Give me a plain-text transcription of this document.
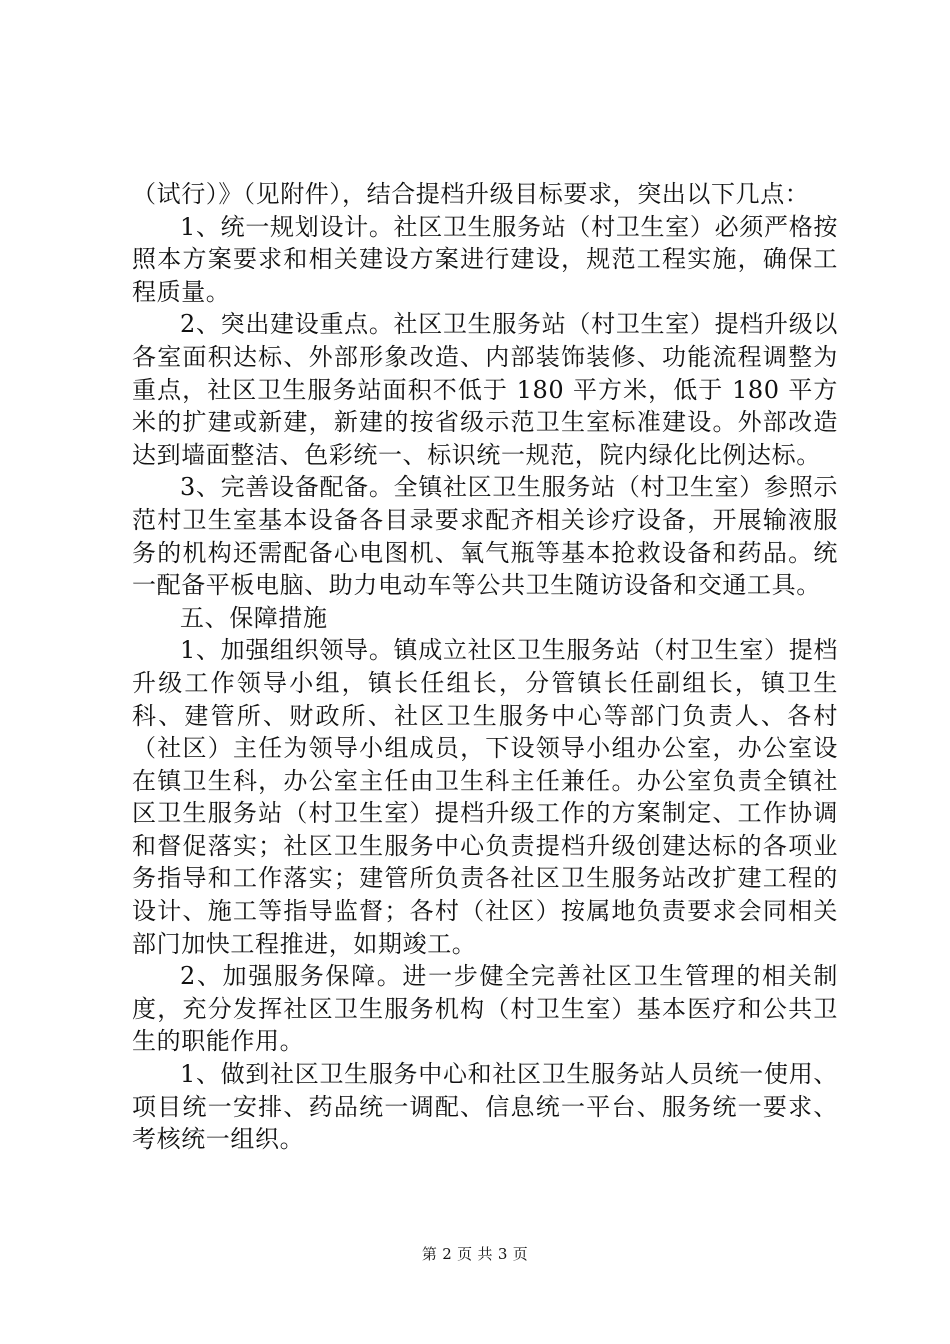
（试行）》（见附件），结合提档升级目标要求，突出以下几点：

1、统一规划设计。社区卫生服务站（村卫生室）必须严格按照本方案要求和相关建设方案进行建设，规范工程实施，确保工程质量。

2、突出建设重点。社区卫生服务站（村卫生室）提档升级以各室面积达标、外部形象改造、内部装饰装修、功能流程调整为重点，社区卫生服务站面积不低于 180 平方米，低于 180 平方米的扩建或新建，新建的按省级示范卫生室标准建设。外部改造达到墙面整洁、色彩统一、标识统一规范，院内绿化比例达标。

3、完善设备配备。全镇社区卫生服务站（村卫生室）参照示范村卫生室基本设备各目录要求配齐相关诊疗设备，开展输液服务的机构还需配备心电图机、氧气瓶等基本抢救设备和药品。统一配备平板电脑、助力电动车等公共卫生随访设备和交通工具。

五、保障措施

1、加强组织领导。镇成立社区卫生服务站（村卫生室）提档升级工作领导小组，镇长任组长，分管镇长任副组长，镇卫生科、建管所、财政所、社区卫生服务中心等部门负责人、各村（社区）主任为领导小组成员，下设领导小组办公室，办公室设在镇卫生科，办公室主任由卫生科主任兼任。办公室负责全镇社区卫生服务站（村卫生室）提档升级工作的方案制定、工作协调和督促落实；社区卫生服务中心负责提档升级创建达标的各项业务指导和工作落实；建管所负责各社区卫生服务站改扩建工程的设计、施工等指导监督；各村（社区）按属地负责要求会同相关部门加快工程推进，如期竣工。

2、加强服务保障。进一步健全完善社区卫生管理的相关制度，充分发挥社区卫生服务机构（村卫生室）基本医疗和公共卫生的职能作用。

1、做到社区卫生服务中心和社区卫生服务站人员统一使用、项目统一安排、药品统一调配、信息统一平台、服务统一要求、考核统一组织。

第 2 页 共 3 页
